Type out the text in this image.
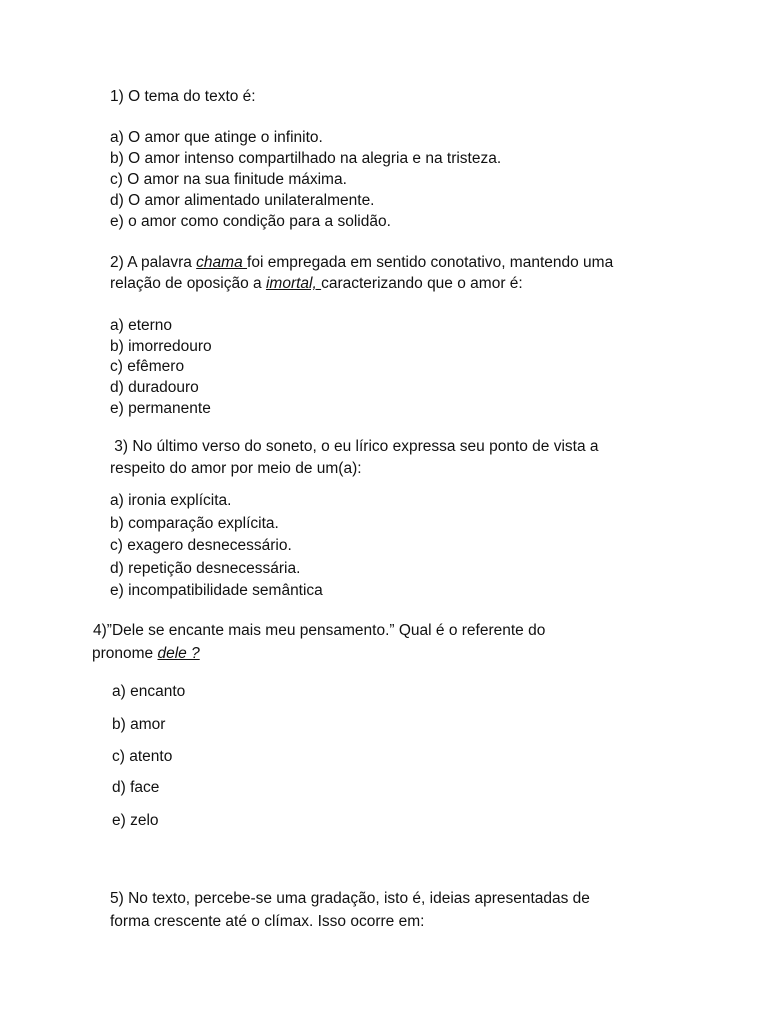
1) O tema do texto é:
a) O amor que atinge o infinito.
b) O amor intenso compartilhado na alegria e na tristeza.
c) O amor na sua finitude máxima.
d) O amor alimentado unilateralmente.
e) o amor como condição para a solidão.
2) A palavra chama foi empregada em sentido conotativo, mantendo uma
relação de oposição a imortal, caracterizando que o amor é:
a) eterno
b) imorredouro
c) efêmero
d) duradouro
e) permanente
3) No último verso do soneto, o eu lírico expressa seu ponto de vista a
respeito do amor por meio de um(a):
a) ironia explícita.
b) comparação explícita.
c) exagero desnecessário.
d) repetição desnecessária.
e) incompatibilidade semântica
4)”Dele se encante mais meu pensamento.” Qual é o referente do
pronome dele ?
a) encanto
b) amor
c) atento
d) face
e) zelo
5) No texto, percebe-se uma gradação, isto é, ideias apresentadas de
forma crescente até o clímax. Isso ocorre em:
